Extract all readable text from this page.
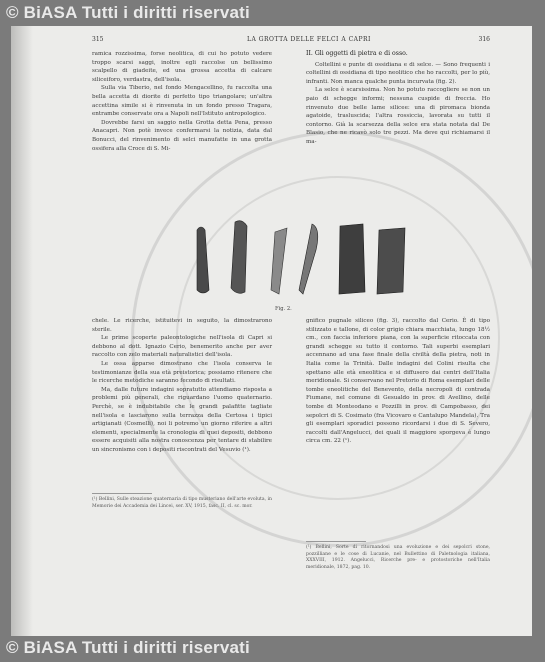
© BiASA Tutti i diritti riservati
315	LA GROTTA DELLE FELCI A CAPRI	316

ramica rozzissima, forse neolitica, di cui ho potuto vedere troppo scarsi saggi, inoltre egli raccolse un bellissimo scalpello di giadeite, ed una grossa accetta di calcare siliceiforo, verdastra, dell'isola.

Sulla via Tiberio, nel fondo Mengacellino, fu raccolta una bella accetta di diorite di perfetto tipo triangolare; un'altra accettina simile si è rinvenuta in un fondo presso Tragara, entrambe conservate ora a Napoli nell'Istituto antropologico.

Dovrebbe farsi un saggio nella Grotta detta Pena, presso Anacapri. Non potè invece confermarsi la notizia, data dal Bonucci, del rinvenimento di selci manufatte in una grotta ossifera alla Croce di S. Mi-

II. Gli oggetti di pietra e di osso.

Coltellini e punte di ossidiana e di selce. — Sono frequenti i coltellini di ossidiana di tipo neolitico che ho raccolti, per lo più, infranti. Non manca qualche punta incurvata (fig. 2).

La selce è scarsissima. Non ho potuto raccogliere se non un paio di schegge informi; nessuna cuspide di freccia. Ho rinvenuto due belle lame silicee: una di piromaca bionda agatoide, trasluscida; l'altra rossiccia, lavorata su tutti il contorno. Già la scarsezza della selce era stata notata dal De Blasio, che ne ricavò solo tre pezzi. Ma deve qui richiamarsi il ma-

Fig. 2.

chele. Le ricerche, istituitevi in seguito, la dimostrarono sterile.

Le prime scoperte paleontologiche nell'isola di Capri si debbono al dott. Ignazio Cerio, benemerito anche per aver raccolto con zelo materiali naturalistici dell'isola.

Le ossa apparse dimostrano che l'isola conserva le testimonianze della sua età preistorica; possiamo ritenere che le ricerche metodiche saranno fecondo di risultati.

Ma, dalle future indagini sopratutto attendiamo risposta a problemi più generali, che riguardano l'uomo quaternario. Perchè, se è indubitabile che le grandi palafitte tagliate nell'isola e lasciarono sulla terrazza della Certosa i tipici artigianati (Cosmelli), noi li potremo un giorno riferire a altri elementi, specialmente la cronologia di quei depositi, debbono essere acquisiti alla nostra conoscenza per tentare di stabilire un sincronismo con i depositi riscontrati del Vesuvio (¹).

gnifico pugnale siliceo (fig. 3), raccolto dal Cerio. È di tipo stilizzato e tallone, di color grigio chiara macchiata, lungo 18½ cm., con faccia inferiore piana, con la superficie ritoccata con grandi schegge su tutto il contorno. Tali superbi esemplari accennano ad una fase finale della civiltà della pietra, noti in Italia come la Trinità. Dalle indagini del Colini risulta che spettano alle età eneolitica e si diffusero dai centri dell'Italia meridionale. Si conservano nel Pretorio di Roma esemplari delle tombe eneolitiche del Benevento, della necropoli di contrada Fiumane, nel comune di Gesualdo in prov. di Avellino, delle tombe di Monteodano e Pozzilli in prov. di Campobasso, dei sepolcri di S. Cosimato (fra Vicovaro e Cantalupo Mandela). Tra gli esemplari sporadici possono ricordarsi i due di S. Severo, raccolti dall'Angelucci, dei quali il maggiore sporgeva è lungo circa cm. 22 (¹).

(¹) Bellini, Sulle steazione quaternaria di tipo musteriano dell'arte evoluta, in Memorie dei Accademia dei Lincei, ser. XV, 1915, fasc. II, cl. sc. mor.
(¹) Bellini, Sorte di ritornandosi una evoluzione e dei sepolcri stone, pozzilliane e le cose di Lucanie, nel Bullettino di Paletnologia italiana, XXXVIII, 1912. Angelucci, Ricerche pre- e protostoriche nell'Italia meridionale, 1872, pag. 10.
© BiASA Tutti i diritti riservati
